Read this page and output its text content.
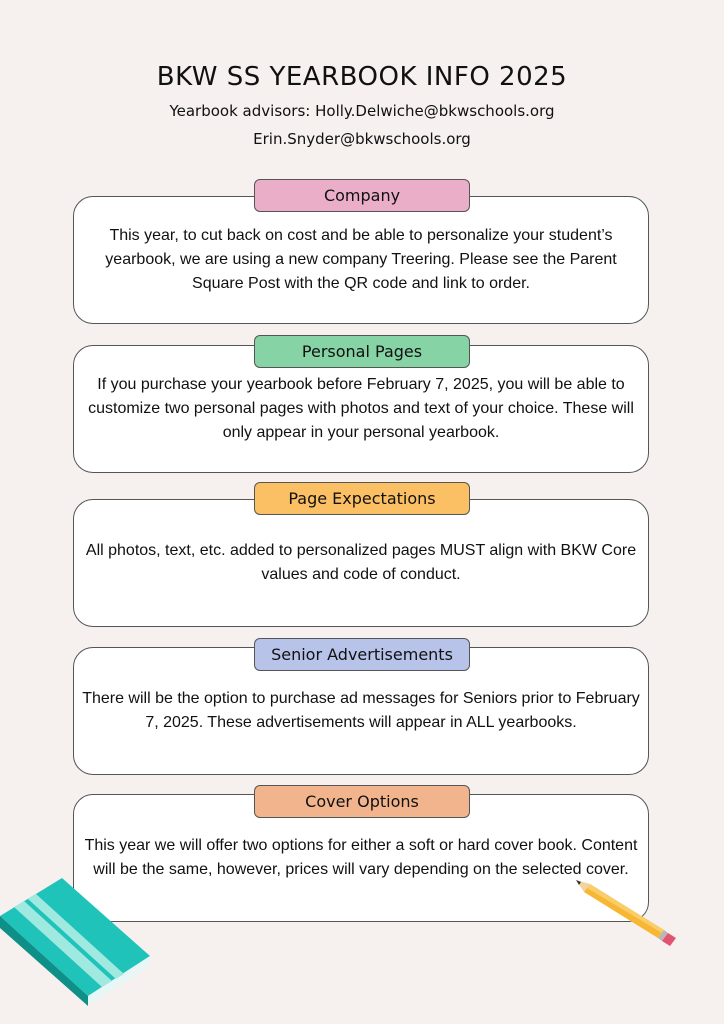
BKW SS YEARBOOK INFO 2025
Yearbook advisors: Holly.Delwiche@bkwschools.org
Erin.Snyder@bkwschools.org
Company
This year, to cut back on cost and be able to personalize your student’s yearbook, we are using a new company Treering. Please see the Parent Square Post with the QR code and link to order.
Personal Pages
If you purchase your yearbook before February 7, 2025, you will be able to customize two personal pages with photos and text of your choice. These will only appear in your personal yearbook.
Page Expectations
All photos, text, etc. added to personalized pages MUST align with BKW Core values and code of conduct.
Senior Advertisements
There will be the option to purchase ad messages for Seniors prior to February 7, 2025. These advertisements will appear in ALL yearbooks.
Cover Options
This year we will offer two options for either a soft or hard cover book. Content will be the same, however, prices will vary depending on the selected cover.
